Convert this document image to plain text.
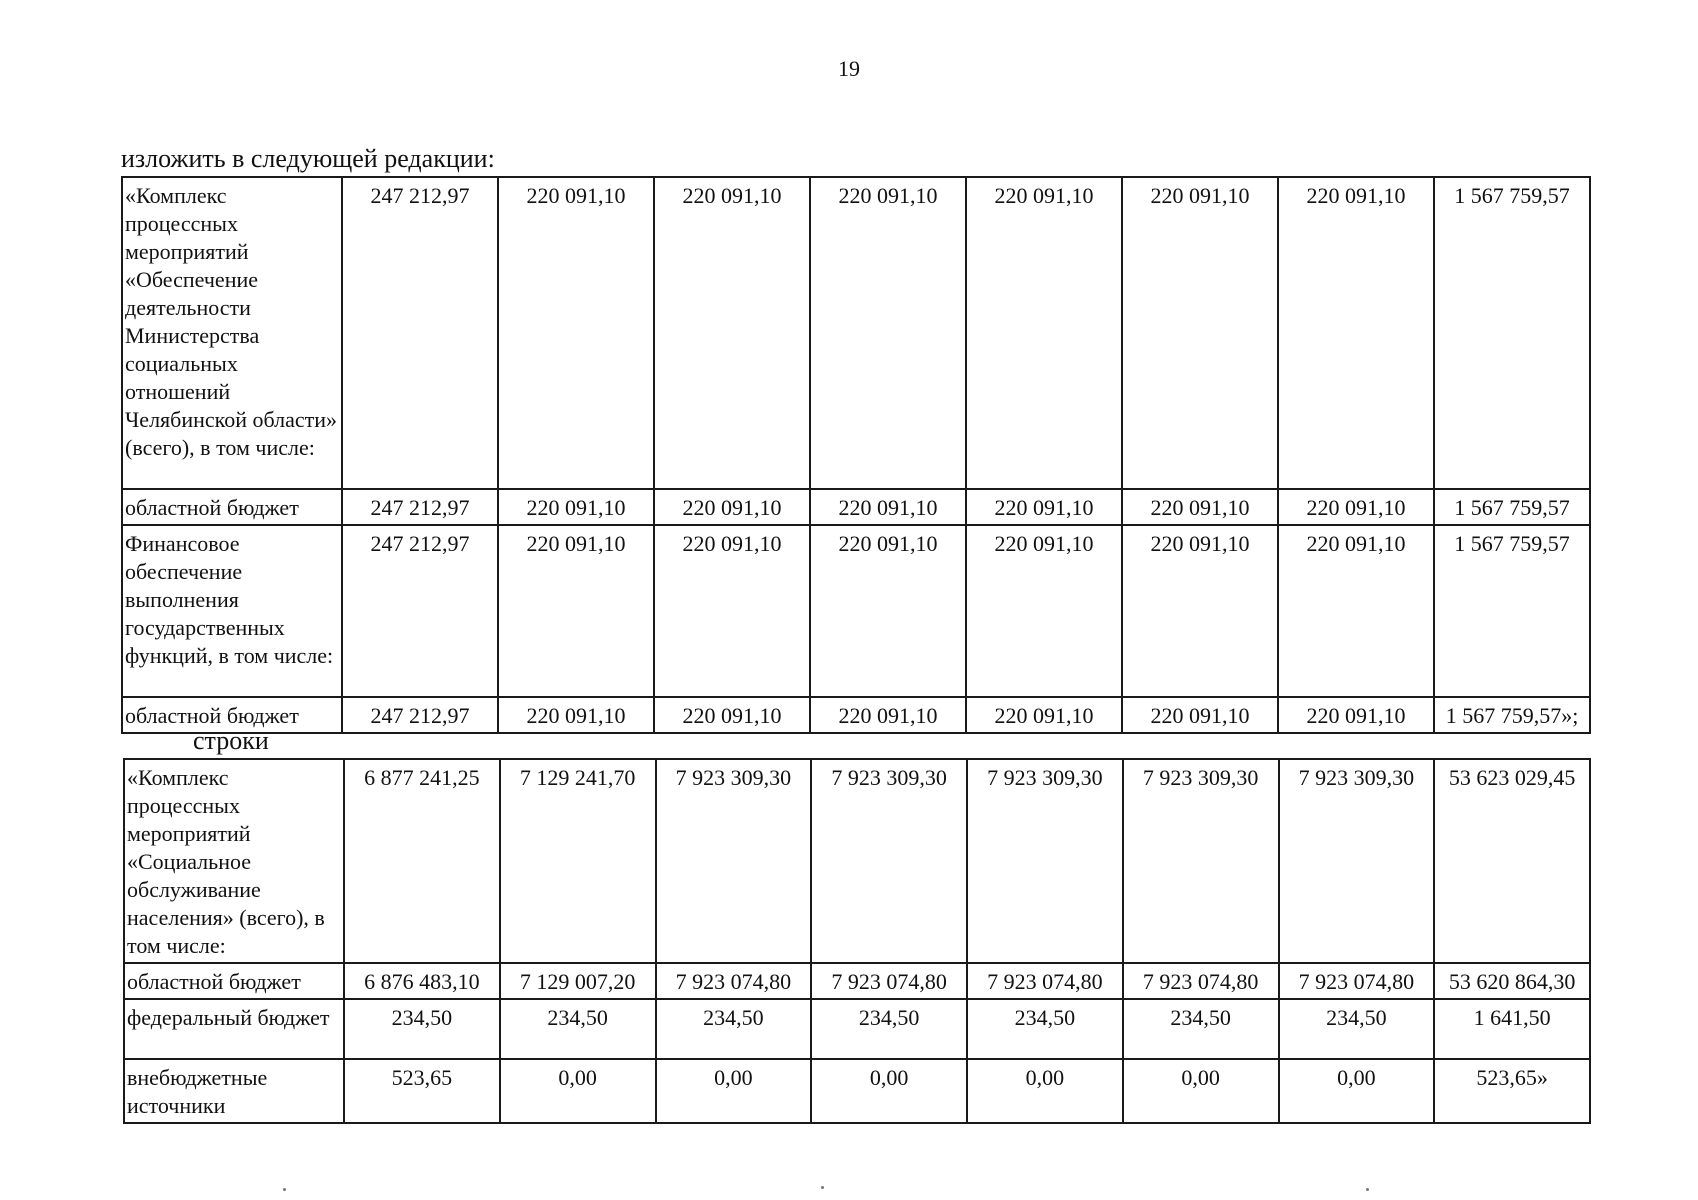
19
изложить в следующей редакции:
«Комплекс процессных мероприятий «Обеспечение деятельности Министерства социальных отношений Челябинской области» (всего), в том числе:	247 212,97	220 091,10	220 091,10	220 091,10	220 091,10	220 091,10	220 091,10	1 567 759,57
областной бюджет	247 212,97	220 091,10	220 091,10	220 091,10	220 091,10	220 091,10	220 091,10	1 567 759,57
Финансовое обеспечение выполнения государственных функций, в том числе:	247 212,97	220 091,10	220 091,10	220 091,10	220 091,10	220 091,10	220 091,10	1 567 759,57
областной бюджет	247 212,97	220 091,10	220 091,10	220 091,10	220 091,10	220 091,10	220 091,10	1 567 759,57»;
строки
«Комплекс процессных мероприятий «Социальное обслуживание населения» (всего), в том числе:	6 877 241,25	7 129 241,70	7 923 309,30	7 923 309,30	7 923 309,30	7 923 309,30	7 923 309,30	53 623 029,45
областной бюджет	6 876 483,10	7 129 007,20	7 923 074,80	7 923 074,80	7 923 074,80	7 923 074,80	7 923 074,80	53 620 864,30
федеральный бюджет	234,50	234,50	234,50	234,50	234,50	234,50	234,50	1 641,50
внебюджетные источники	523,65	0,00	0,00	0,00	0,00	0,00	0,00	523,65»
